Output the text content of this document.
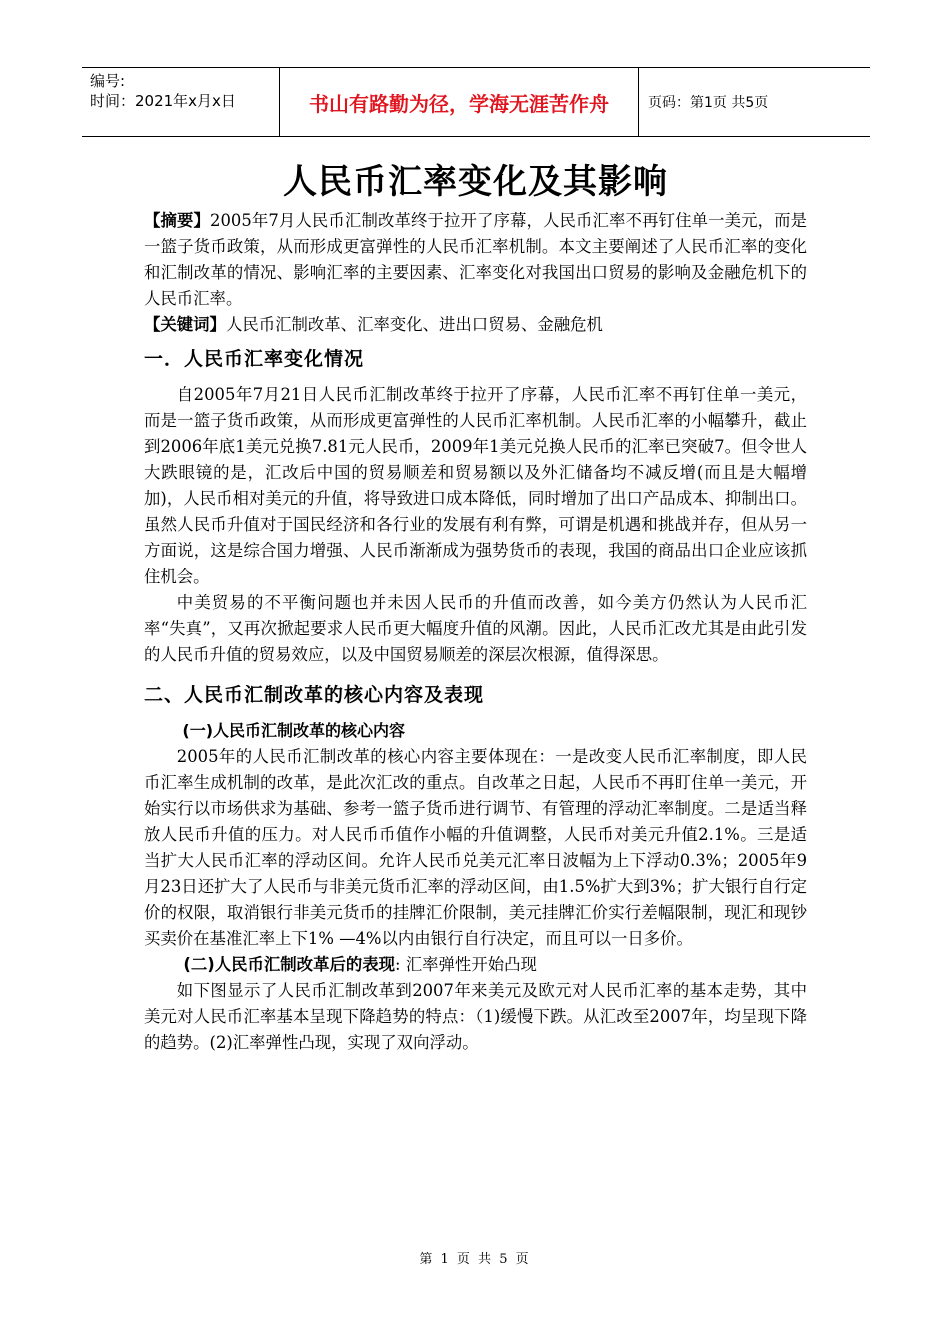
编号:
时间：2021年x月x日	书山有路勤为径，学海无涯苦作舟	页码：第1页 共5页
人民币汇率变化及其影响

【摘要】2005年7月人民币汇制改革终于拉开了序幕，人民币汇率不再钉住单一美元，而是一篮子货币政策，从而形成更富弹性的人民币汇率机制。本文主要阐述了人民币汇率的变化和汇制改革的情况、影响汇率的主要因素、汇率变化对我国出口贸易的影响及金融危机下的人民币汇率。

【关键词】人民币汇制改革、汇率变化、进出口贸易、金融危机

一．人民币汇率变化情况

自2005年7月21日人民币汇制改革终于拉开了序幕，人民币汇率不再钉住单一美元，而是一篮子货币政策，从而形成更富弹性的人民币汇率机制。人民币汇率的小幅攀升，截止到2006年底1美元兑换7.81元人民币，2009年1美元兑换人民币的汇率已突破7。但令世人大跌眼镜的是，汇改后中国的贸易顺差和贸易额以及外汇储备均不减反增(而且是大幅增加)，人民币相对美元的升值，将导致进口成本降低，同时增加了出口产品成本、抑制出口。虽然人民币升值对于国民经济和各行业的发展有利有弊，可谓是机遇和挑战并存，但从另一方面说，这是综合国力增强、人民币渐渐成为强势货币的表现，我国的商品出口企业应该抓住机会。

中美贸易的不平衡问题也并未因人民币的升值而改善，如今美方仍然认为人民币汇率“失真”，又再次掀起要求人民币更大幅度升值的风潮。因此，人民币汇改尤其是由此引发的人民币升值的贸易效应，以及中国贸易顺差的深层次根源，值得深思。

二、人民币汇制改革的核心内容及表现
(一)人民币汇制改革的核心内容

2005年的人民币汇制改革的核心内容主要体现在：一是改变人民币汇率制度，即人民币汇率生成机制的改革，是此次汇改的重点。自改革之日起，人民币不再盯住单一美元，开始实行以市场供求为基础、参考一篮子货币进行调节、有管理的浮动汇率制度。二是适当释放人民币升值的压力。对人民币币值作小幅的升值调整，人民币对美元升值2.1%。三是适当扩大人民币汇率的浮动区间。允许人民币兑美元汇率日波幅为上下浮动0.3%；2005年9月23日还扩大了人民币与非美元货币汇率的浮动区间，由1.5%扩大到3%；扩大银行自行定价的权限，取消银行非美元货币的挂牌汇价限制，美元挂牌汇价实行差幅限制，现汇和现钞买卖价在基准汇率上下1% —4%以内由银行自行决定，而且可以一日多价。

(二)人民币汇制改革后的表现: 汇率弹性开始凸现

如下图显示了人民币汇制改革到2007年来美元及欧元对人民币汇率的基本走势，其中美元对人民币汇率基本呈现下降趋势的特点：（1)缓慢下跌。从汇改至2007年，均呈现下降的趋势。(2)汇率弹性凸现，实现了双向浮动。

第 1 页 共 5 页
